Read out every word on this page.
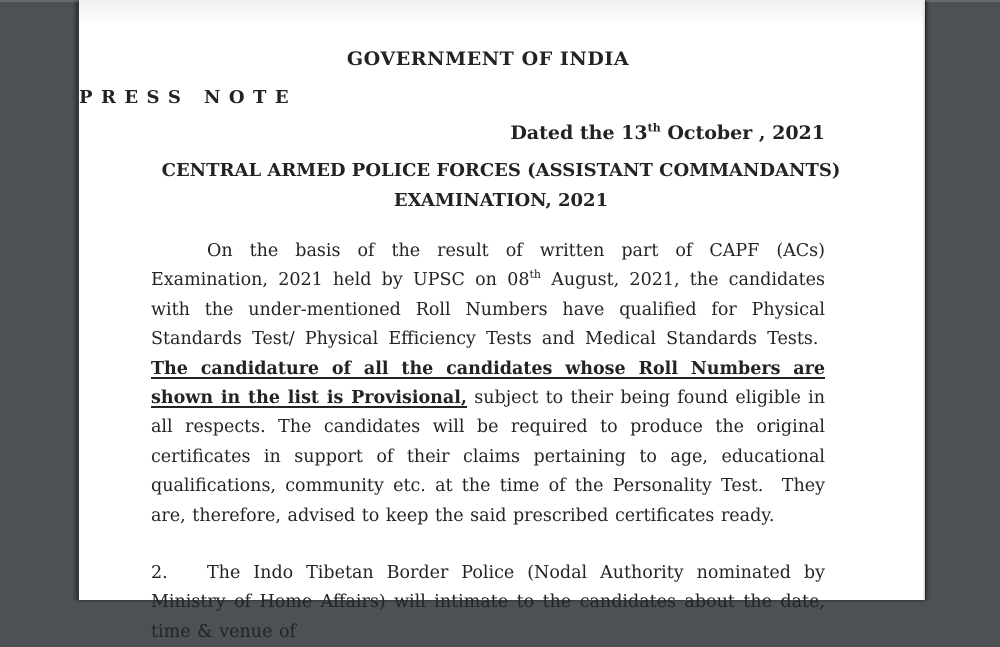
GOVERNMENT OF INDIA
P R E S S   N O T E
Dated the 13th October , 2021
CENTRAL ARMED POLICE FORCES (ASSISTANT COMMANDANTS)
EXAMINATION, 2021

On the basis of the result of written part of CAPF (ACs) Examination, 2021 held by UPSC on 08th August, 2021, the candidates with the under-mentioned Roll Numbers have qualified for Physical Standards Test/ Physical Efficiency Tests and Medical Standards Tests.  The candidature of all the candidates whose Roll Numbers are shown in the list is Provisional, subject to their being found eligible in all respects. The candidates will be required to produce the original certificates in support of their claims pertaining to age, educational qualifications, community etc. at the time of the Personality Test.  They are, therefore, advised to keep the said prescribed certificates ready.

2. The Indo Tibetan Border Police (Nodal Authority nominated by Ministry of Home Affairs) will intimate to the candidates about the date, time & venue of
